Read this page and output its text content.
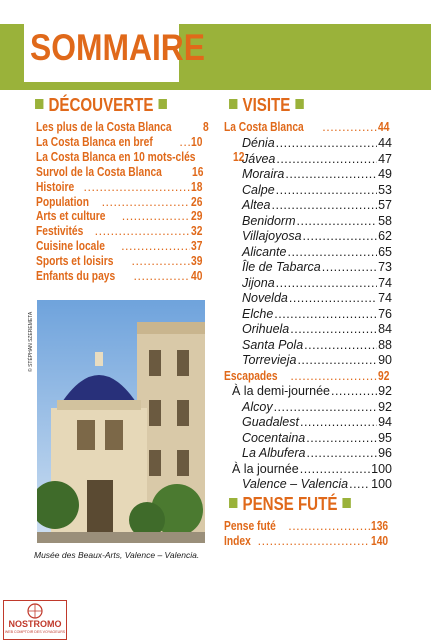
SOMMAIRE
DÉCOUVERTE
Les plus de la Costa Blanca	8
La Costa Blanca en bref .....	10
La Costa Blanca en 10 mots-clés	12
Survol de la Costa Blanca 16
Histoire .....	18
Population .....	26
Arts et culture .....	29
Festivités .....	32
Cuisine locale .....	37
Sports et loisirs .....	39
Enfants du pays .....	40
VISITE
La Costa Blanca .....	44
Dénia .....	44
Jávea .....	47
Moraira .....	49
Calpe .....	53
Altea .....	57
Benidorm .....	58
Villajoyosa .....	62
Alicante .....	65
Île de Tabarca .....	73
Jijona .....	74
Novelda .....	74
Elche .....	76
Orihuela .....	84
Santa Pola .....	88
Torrevieja .....	90
Escapades .....	92
À la demi-journée .....	92
Alcoy .....	92
Guadalest .....	94
Cocentaina .....	95
La Albufera .....	96
À la journée .....	100
Valence – Valencia ..... 100
PENSE FUTÉ
Pense futé .....	136
Index .....	140
© STÉPHAN SZEREMETA
Musée des Beaux-Arts, Valence – Valencia.
NOSTROMO
WEB COMPTOIR DES VOYAGEURS
